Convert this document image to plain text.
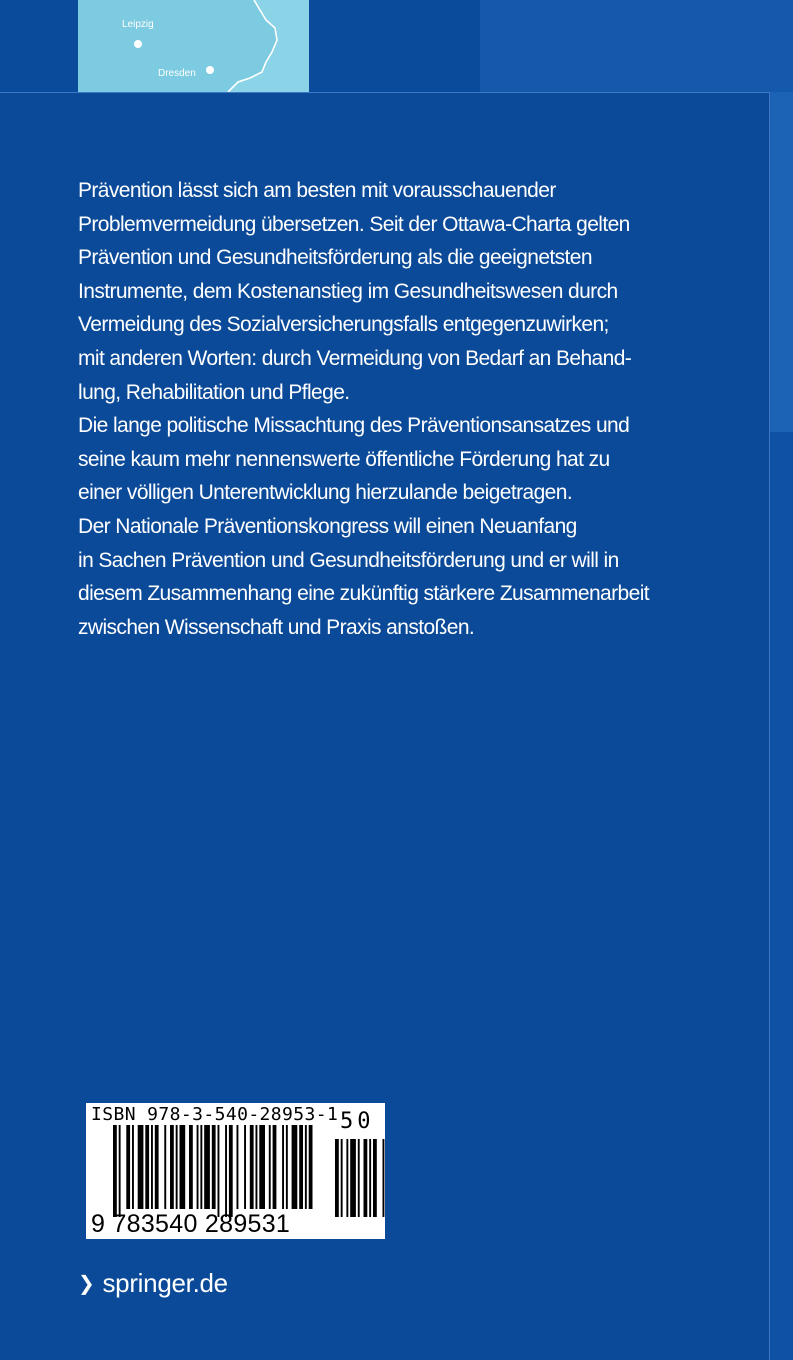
Leipzig
Dresden

Prävention lässt sich am besten mit vorausschauender

Problemvermeidung übersetzen. Seit der Ottawa-Charta gelten

Prävention und Gesundheitsförderung als die geeignetsten

Instrumente, dem Kostenanstieg im Gesundheitswesen durch

Vermeidung des Sozialversicherungsfalls entgegenzuwirken;

mit anderen Worten: durch Vermeidung von Bedarf an Behand-

lung, Rehabilitation und Pflege.

Die lange politische Missachtung des Präventionsansatzes und

seine kaum mehr nennenswerte öffentliche Förderung hat zu

einer völligen Unterentwicklung hierzulande beigetragen.

Der Nationale Präventionskongress will einen Neuanfang

in Sachen Prävention und Gesundheitsförderung und er will in

diesem Zusammenhang eine zukünftig stärkere Zusammenarbeit

zwischen Wissenschaft und Praxis anstoßen.

ISBN 978-3-540-28953-1 50
9 783540 289531
❯ springer.de
